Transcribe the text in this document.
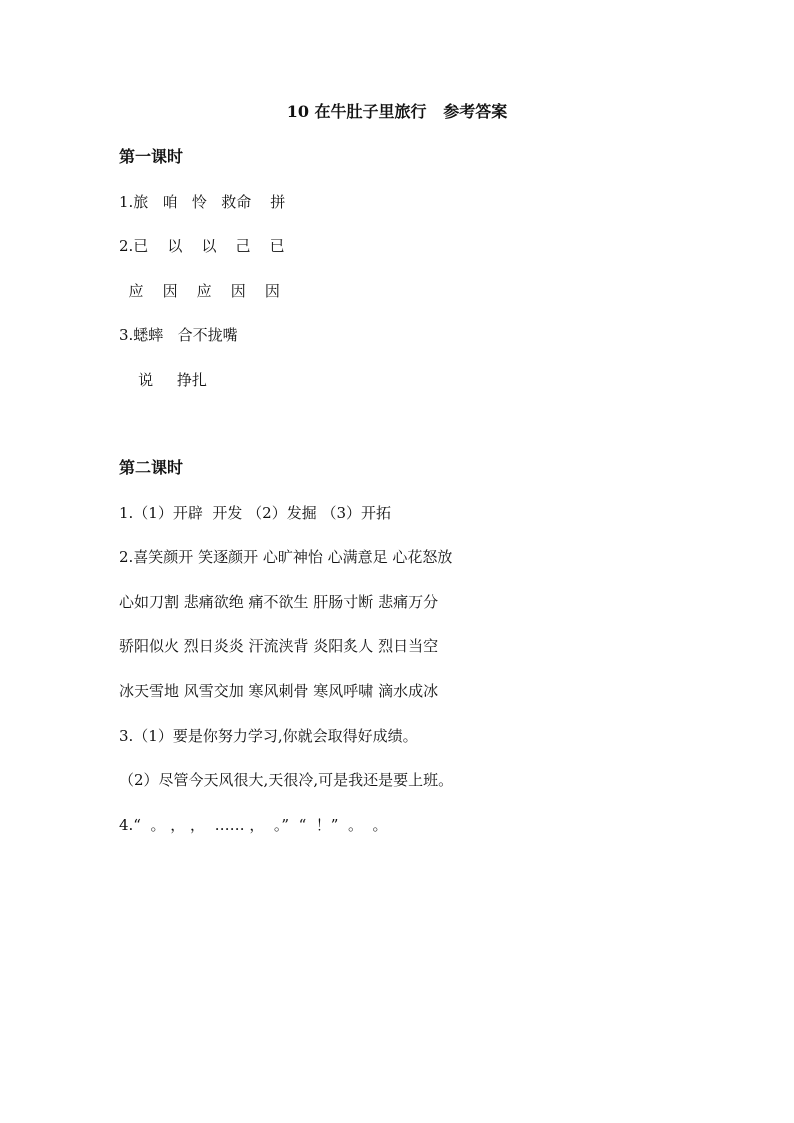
10 在牛肚子里旅行   参考答案
第一课时
1.旅   咱   怜   救命    拼
2.已    以    以    己    已
应    因    应    因    因
3.蟋蟀   合不拢嘴
说     挣扎
第二课时
1.（1）开辟  开发 （2）发掘 （3）开拓
2.喜笑颜开 笑逐颜开 心旷神怡 心满意足 心花怒放
心如刀割 悲痛欲绝 痛不欲生 肝肠寸断 悲痛万分
骄阳似火 烈日炎炎 汗流浃背 炎阳炙人 烈日当空
冰天雪地 风雪交加 寒风刺骨 寒风呼啸 滴水成冰
3.（1）要是你努力学习,你就会取得好成绩。
（2）尽管今天风很大,天很冷,可是我还是要上班。
4.“  。 ， ，  …… ，  。”  “  ！”  。  。
